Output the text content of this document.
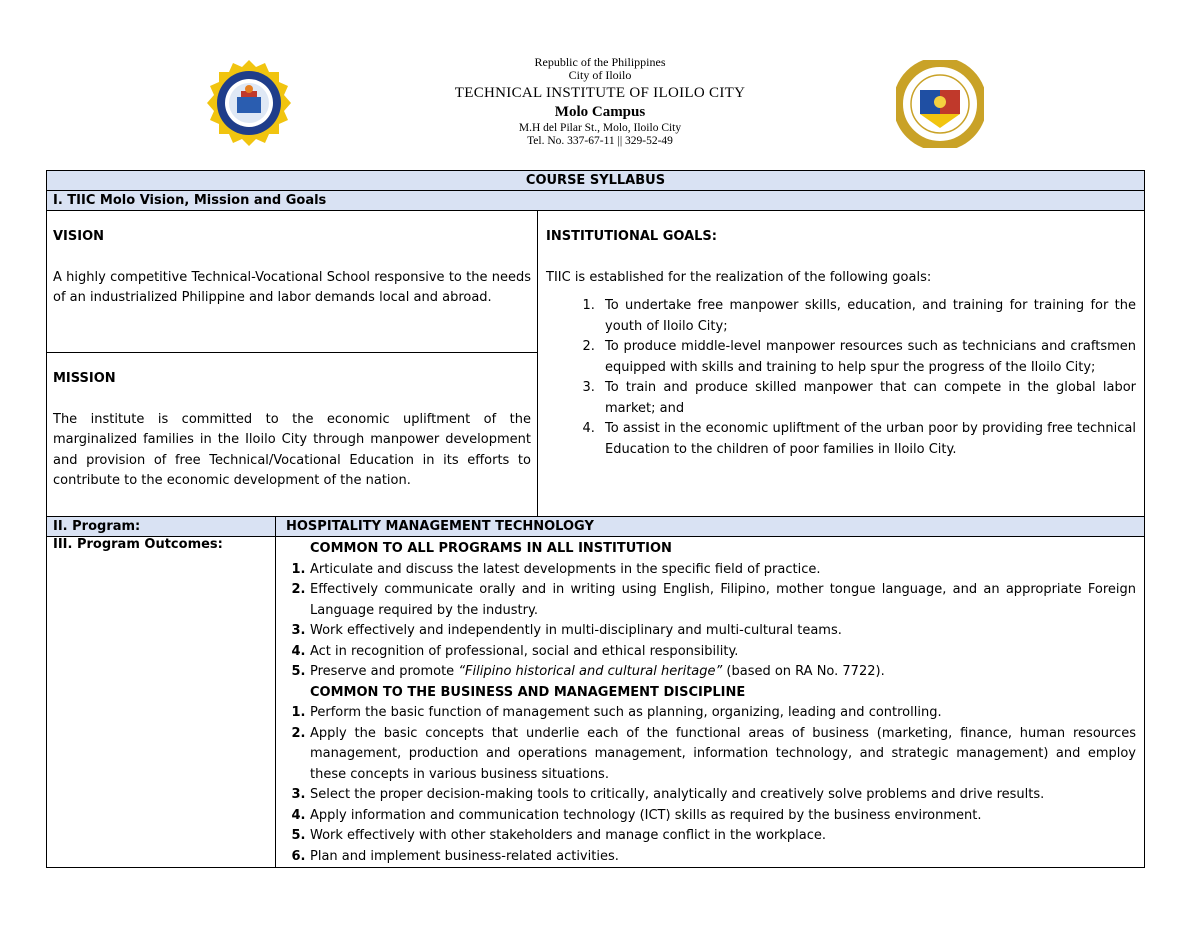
Republic of the Philippines
City of Iloilo
TECHNICAL INSTITUTE OF ILOILO CITY
Molo Campus
M.H del Pilar St., Molo, Iloilo City
Tel. No. 337-67-11 || 329-52-49
COURSE SYLLABUS
I. TIIC Molo Vision, Mission and Goals
VISION
A highly competitive Technical-Vocational School responsive to the needs of an industrialized Philippine and labor demands local and abroad.
MISSION
The institute is committed to the economic upliftment of the marginalized families in the Iloilo City through manpower development and provision of free Technical/Vocational Education in its efforts to contribute to the economic development of the nation.
INSTITUTIONAL GOALS:
TIIC is established for the realization of the following goals:
1. To undertake free manpower skills, education, and training for training for the youth of Iloilo City;
2. To produce middle-level manpower resources such as technicians and craftsmen equipped with skills and training to help spur the progress of the Iloilo City;
3. To train and produce skilled manpower that can compete in the global labor market; and
4. To assist in the economic upliftment of the urban poor by providing free technical Education to the children of poor families in Iloilo City.
II. Program:	HOSPITALITY MANAGEMENT TECHNOLOGY
III. Program Outcomes:	COMMON TO ALL PROGRAMS IN ALL INSTITUTION
1. Articulate and discuss the latest developments in the specific field of practice.
2. Effectively communicate orally and in writing using English, Filipino, mother tongue language, and an appropriate Foreign Language required by the industry.
3. Work effectively and independently in multi-disciplinary and multi-cultural teams.
4. Act in recognition of professional, social and ethical responsibility.
5. Preserve and promote “Filipino historical and cultural heritage” (based on RA No. 7722).
COMMON TO THE BUSINESS AND MANAGEMENT DISCIPLINE
1. Perform the basic function of management such as planning, organizing, leading and controlling.
2. Apply the basic concepts that underlie each of the functional areas of business (marketing, finance, human resources management, production and operations management, information technology, and strategic management) and employ these concepts in various business situations.
3. Select the proper decision-making tools to critically, analytically and creatively solve problems and drive results.
4. Apply information and communication technology (ICT) skills as required by the business environment.
5. Work effectively with other stakeholders and manage conflict in the workplace.
6. Plan and implement business-related activities.
